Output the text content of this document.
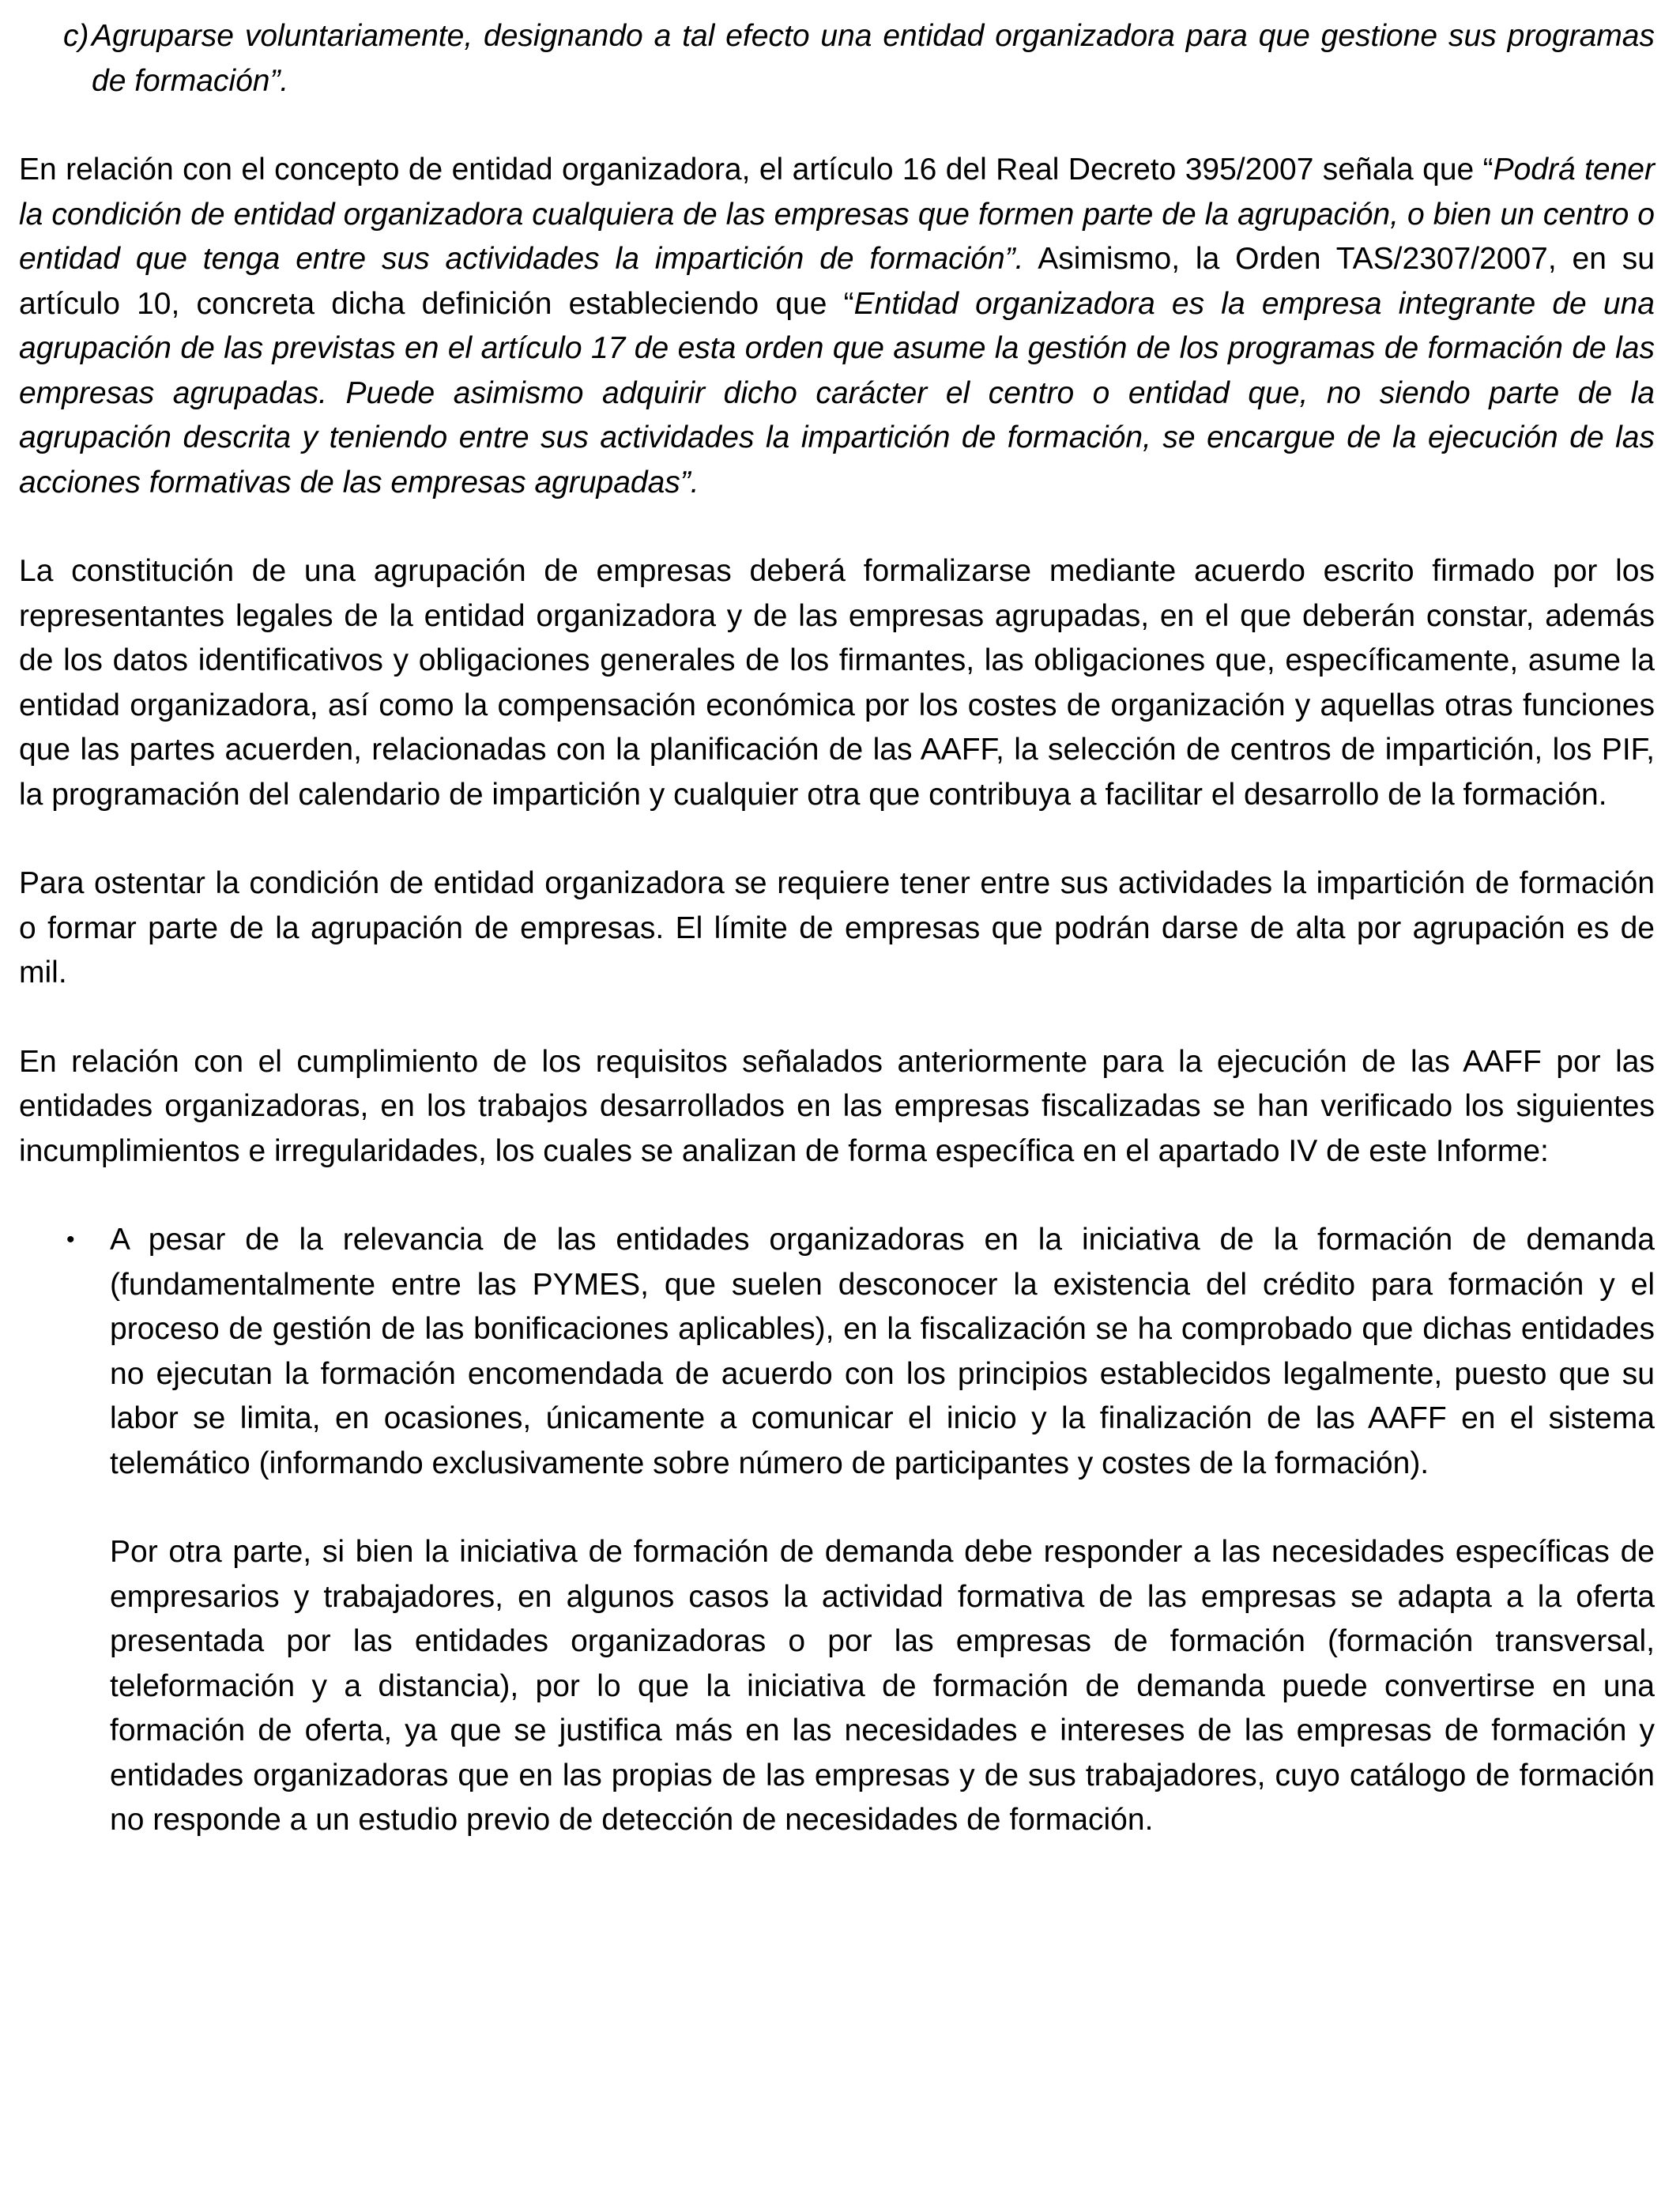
c) Agruparse voluntariamente, designando a tal efecto una entidad organizadora para que gestione sus programas de formación”.

En relación con el concepto de entidad organizadora, el artículo 16 del Real Decreto 395/2007 señala que “Podrá tener la condición de entidad organizadora cualquiera de las empresas que formen parte de la agrupación, o bien un centro o entidad que tenga entre sus actividades la impartición de formación”. Asimismo, la Orden TAS/2307/2007, en su artículo 10, concreta dicha definición estableciendo que “Entidad organizadora es la empresa integrante de una agrupación de las previstas en el artículo 17 de esta orden que asume la gestión de los programas de formación de las empresas agrupadas. Puede asimismo adquirir dicho carácter el centro o entidad que, no siendo parte de la agrupación descrita y teniendo entre sus actividades la impartición de formación, se encargue de la ejecución de las acciones formativas de las empresas agrupadas”.

La constitución de una agrupación de empresas deberá formalizarse mediante acuerdo escrito firmado por los representantes legales de la entidad organizadora y de las empresas agrupadas, en el que deberán constar, además de los datos identificativos y obligaciones generales de los firmantes, las obligaciones que, específicamente, asume la entidad organizadora, así como la compensación económica por los costes de organización y aquellas otras funciones que las partes acuerden, relacionadas con la planificación de las AAFF, la selección de centros de impartición, los PIF, la programación del calendario de impartición y cualquier otra que contribuya a facilitar el desarrollo de la formación.

Para ostentar la condición de entidad organizadora se requiere tener entre sus actividades la impartición de formación o formar parte de la agrupación de empresas. El límite de empresas que podrán darse de alta por agrupación es de mil.

En relación con el cumplimiento de los requisitos señalados anteriormente para la ejecución de las AAFF por las entidades organizadoras, en los trabajos desarrollados en las empresas fiscalizadas se han verificado los siguientes incumplimientos e irregularidades, los cuales se analizan de forma específica en el apartado IV de este Informe:

•	A pesar de la relevancia de las entidades organizadoras en la iniciativa de la formación de demanda (fundamentalmente entre las PYMES, que suelen desconocer la existencia del crédito para formación y el proceso de gestión de las bonificaciones aplicables), en la fiscalización se ha comprobado que dichas entidades no ejecutan la formación encomendada de acuerdo con los principios establecidos legalmente, puesto que su labor se limita, en ocasiones, únicamente a comunicar el inicio y la finalización de las AAFF en el sistema telemático (informando exclusivamente sobre número de participantes y costes de la formación).

Por otra parte, si bien la iniciativa de formación de demanda debe responder a las necesidades específicas de empresarios y trabajadores, en algunos casos la actividad formativa de las empresas se adapta a la oferta presentada por las entidades organizadoras o por las empresas de formación (formación transversal, teleformación y a distancia), por lo que la iniciativa de formación de demanda puede convertirse en una formación de oferta, ya que se justifica más en las necesidades e intereses de las empresas de formación y entidades organizadoras que en las propias de las empresas y de sus trabajadores, cuyo catálogo de formación no responde a un estudio previo de detección de necesidades de formación.
